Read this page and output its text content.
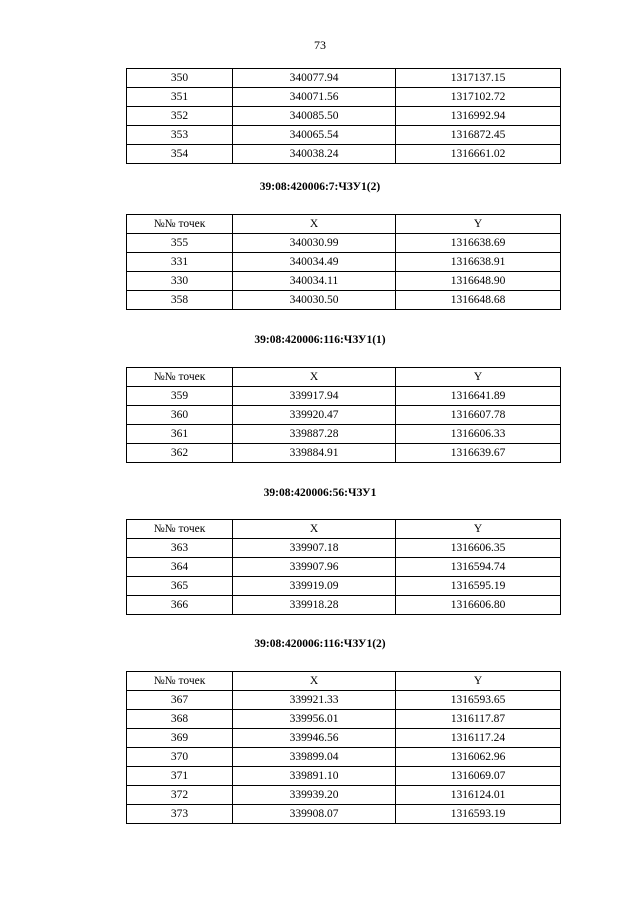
73
350	340077.94	1317137.15
351	340071.56	1317102.72
352	340085.50	1316992.94
353	340065.54	1316872.45
354	340038.24	1316661.02
39:08:420006:7:ЧЗУ1(2)
№№ точек	X	Y
355	340030.99	1316638.69
331	340034.49	1316638.91
330	340034.11	1316648.90
358	340030.50	1316648.68
39:08:420006:116:ЧЗУ1(1)
№№ точек	X	Y
359	339917.94	1316641.89
360	339920.47	1316607.78
361	339887.28	1316606.33
362	339884.91	1316639.67
39:08:420006:56:ЧЗУ1
№№ точек	X	Y
363	339907.18	1316606.35
364	339907.96	1316594.74
365	339919.09	1316595.19
366	339918.28	1316606.80
39:08:420006:116:ЧЗУ1(2)
№№ точек	X	Y
367	339921.33	1316593.65
368	339956.01	1316117.87
369	339946.56	1316117.24
370	339899.04	1316062.96
371	339891.10	1316069.07
372	339939.20	1316124.01
373	339908.07	1316593.19
